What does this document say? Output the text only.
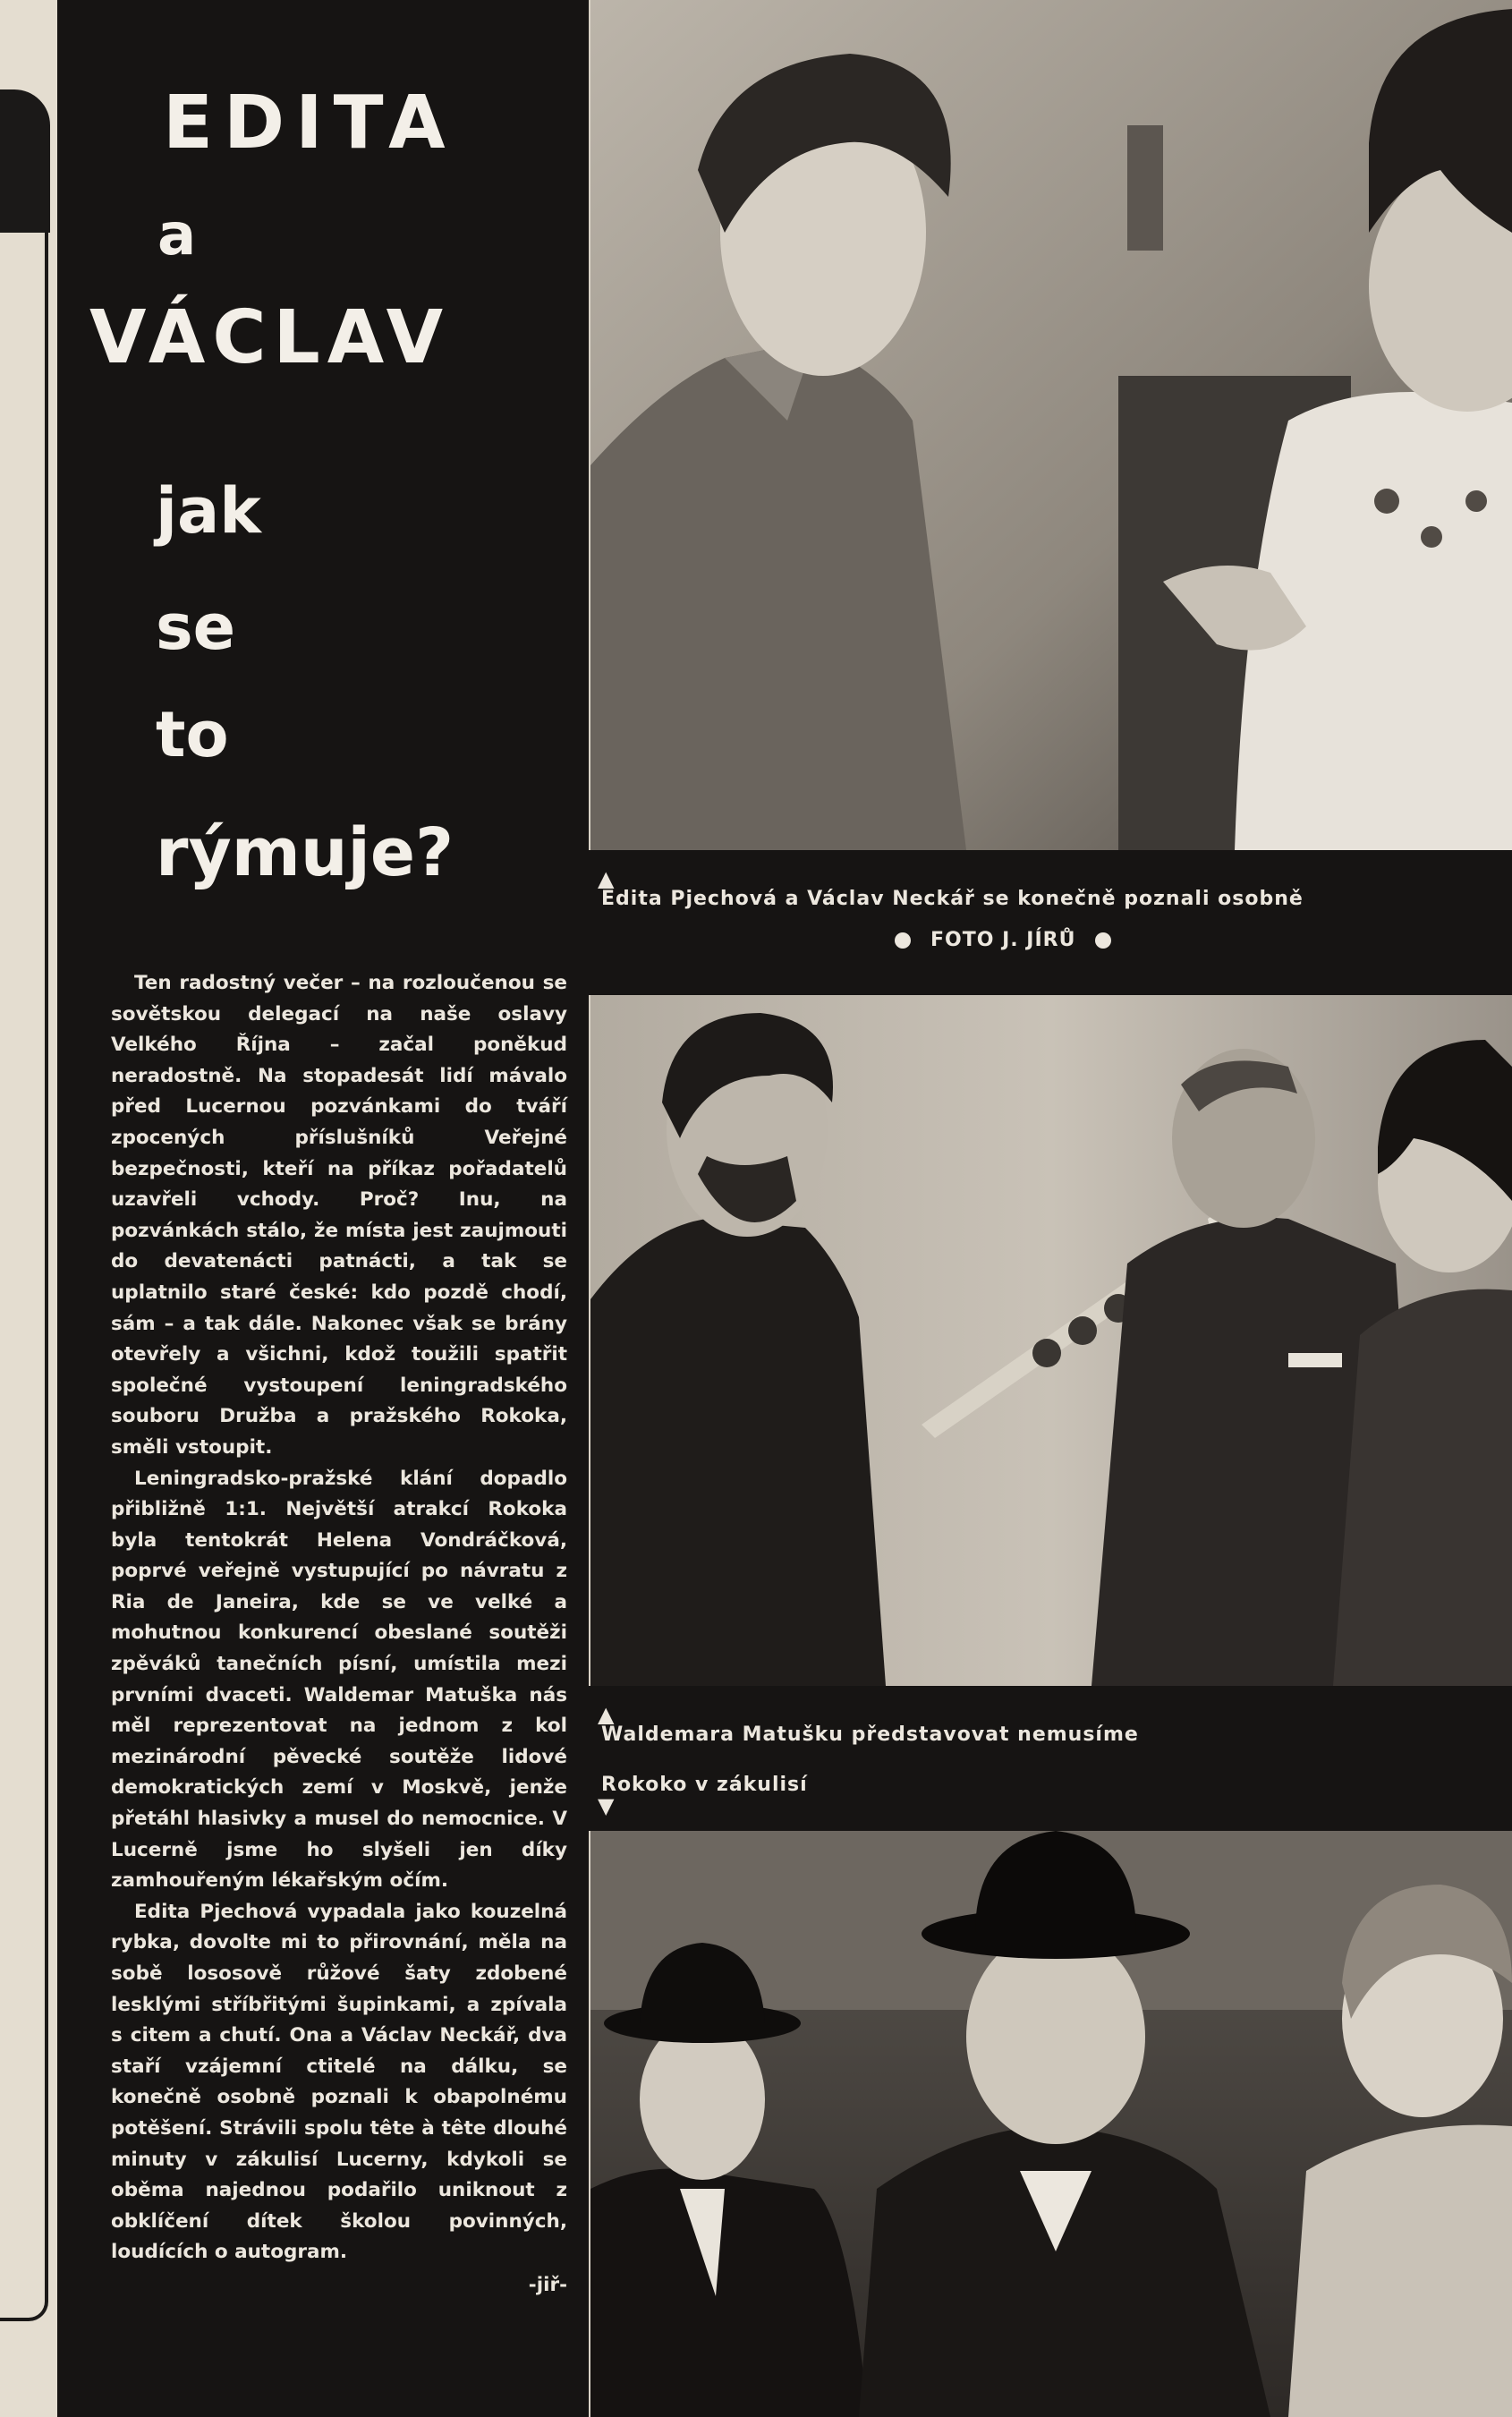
EDITA
a
VÁCLAV
jak
se
to
rýmuje?

Ten radostný večer – na rozloučenou se sovětskou delegací na naše oslavy Velkého Října – začal poněkud neradostně. Na stopadesát lidí mávalo před Lucernou pozvánkami do tváří zpocených příslušníků Veřejné bezpečnosti, kteří na příkaz pořadatelů uzavřeli vchody. Proč? Inu, na pozvánkách stálo, že místa jest zaujmouti do devatenácti patnácti, a tak se uplatnilo staré české: kdo pozdě chodí, sám – a tak dále. Nakonec však se brány otevřely a všichni, kdož toužili spatřit společné vystoupení leningradského souboru Družba a pražského Rokoka, směli vstoupit.

Leningradsko-pražské klání dopadlo přibližně 1:1. Největší atrakcí Rokoka byla tentokrát Helena Vondráčková, poprvé veřejně vystupující po návratu z Ria de Janeira, kde se ve velké a mohutnou konkurencí obeslané soutěži zpěváků tanečních písní, umístila mezi prvními dvaceti. Waldemar Matuška nás měl reprezentovat na jednom z kol mezinárodní pěvecké soutěže lidové demokratických zemí v Moskvě, jenže přetáhl hlasivky a musel do nemocnice. V Lucerně jsme ho slyšeli jen díky zamhouřeným lékařským očím.

Edita Pjechová vypadala jako kouzelná rybka, dovolte mi to přirovnání, měla na sobě lososově růžové šaty zdobené lesklými stříbřitými šupinkami, a zpívala s citem a chutí. Ona a Václav Neckář, dva staří vzájemní ctitelé na dálku, se konečně osobně poznali k obapolnému potěšení. Strávili spolu tête à tête dlouhé minuty v zákulisí Lucerny, kdykoli se oběma najednou podařilo uniknout z obklíčení dítek školou povinných, loudících o autogram.

-jiř-
▲
Edita Pjechová a Václav Neckář se konečně poznali osobně
FOTO J. JÍRŮ
▲
Waldemara Matušku představovat nemusíme
Rokoko v zákulisí
▼
